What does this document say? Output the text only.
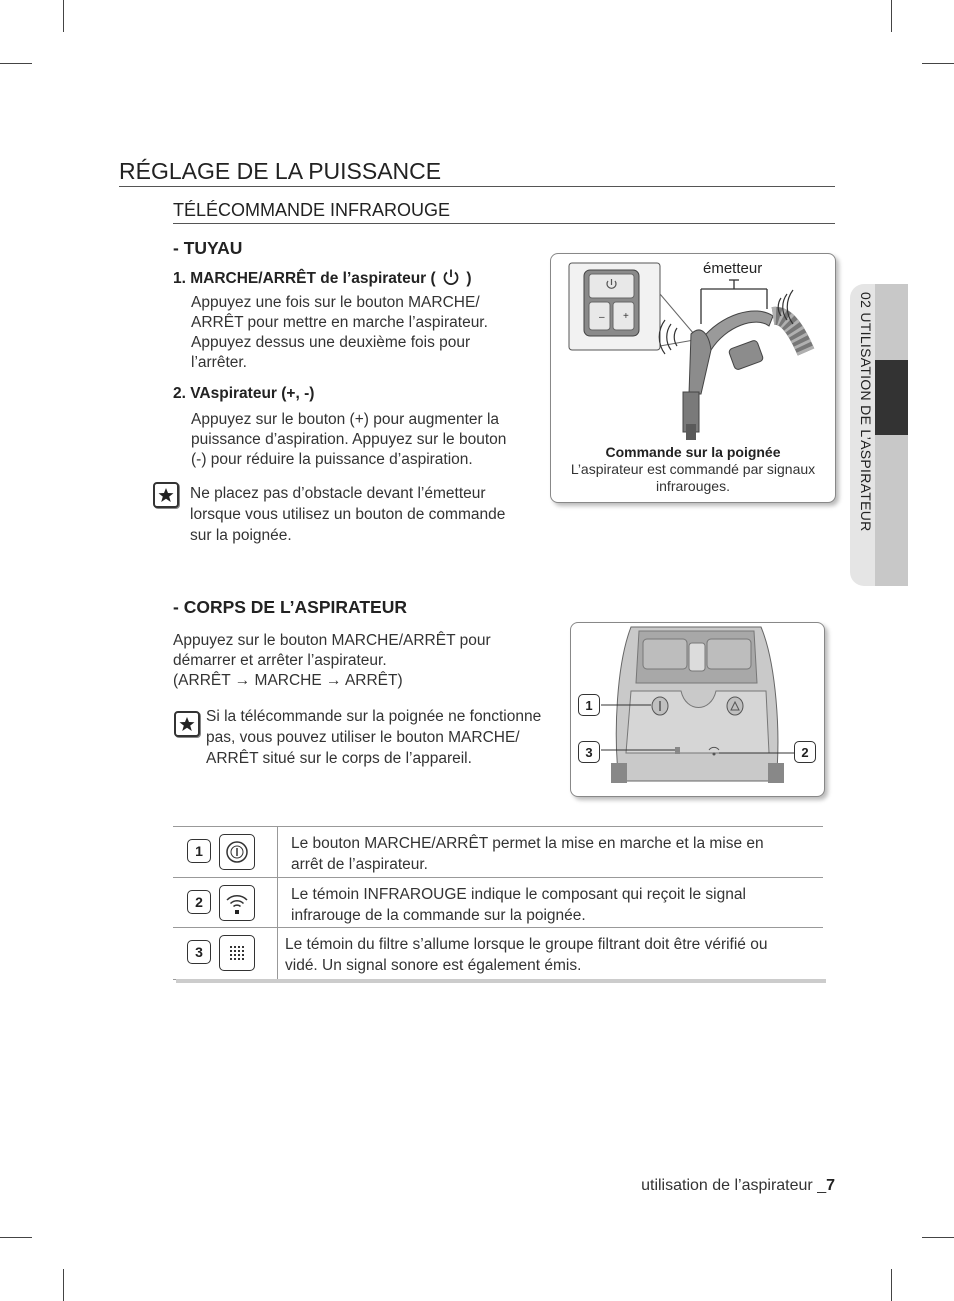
RÉGLAGE DE LA PUISSANCE
TÉLÉCOMMANDE INFRAROUGE
- TUYAU
1. MARCHE/ARRÊT de l’aspirateur ( )
Appuyez une fois sur le bouton MARCHE/
ARRÊT pour mettre en marche l’aspirateur.
Appuyez dessus une deuxième fois pour
l’arrêter.
2. VAspirateur (+, -)
Appuyez sur le bouton (+) pour augmenter la
puissance d’aspiration. Appuyez sur le bouton
(-) pour réduire la puissance d’aspiration.
Ne placez pas d’obstacle devant l’émetteur
lorsque vous utilisez un bouton de commande
sur la poignée.
– +
émetteur
Commande sur la poignée
L’aspirateur est commandé par signaux
infrarouges.	02 UTILISATION DE L’ASPIRATEUR
- CORPS DE L’ASPIRATEUR
Appuyez sur le bouton MARCHE/ARRÊT pour
démarrer et arrêter l’aspirateur.
(ARRÊT → MARCHE → ARRÊT)
Si la télécommande sur la poignée ne fonctionne
pas, vous pouvez utiliser le bouton MARCHE/
ARRÊT situé sur le corps de l’appareil.
1
3	2
1	Le bouton MARCHE/ARRÊT permet la mise en marche et la mise en
arrêt de l’aspirateur.
2	Le témoin INFRAROUGE indique le composant qui reçoit le signal
infrarouge de la commande sur la poignée.
3	Le témoin du filtre s’allume lorsque le groupe filtrant doit être vérifié ou
vidé. Un signal sonore est également émis.
utilisation de l’aspirateur _7
